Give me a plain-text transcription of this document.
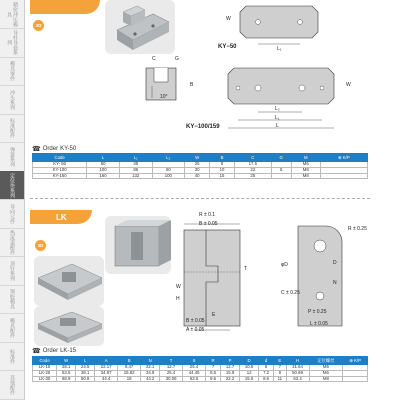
精密冲压模具
导柱导套系列
模具零件
冲头系列
标准配件
弹簧系列
定位块系列
导向元件
热流道配件
顶针系列
塑胶模具
模具配件
标准件
其他配件
3D
W
L₁
KY−50
C	G
B
10°
W
L₂
L₁
L
KY−100/159
☎ Order KY-50
Code	L	L₁	L₂	W	B	C	G	M	⊕ K/P
KY- 50	50	38		25	8	17.5		M6	
KY-100	100	86	60	30	10	22	5	M8	
KY-150	160	132	100	40	15	25		M8	
LK
3D
R ± 0.1
B ± 0.05
T
W
H
E
B ± 0.05
A ± 0.05
R ± 0.25
φD
C ± 0.25
D
N
P ± 0.25
L ± 0.05
☎ Order LK-15
Code	W	L	A	B	N	T	S	R	P	D	d	E	H	定位螺丝	⊕ K/P
LK-15	38.1	24.5	22.17	8.47	22.1	12.7	25.4	7	12.7	10.5	6	7	31.64	M5	
LK-25	63.5	38.1	34.87	15.82	34.9	25.4	44.45	8.5	15.9	12	7.2	9	50.69	M6	
LK-30	88.9	50.8	44.4	19	44.2	30.08	63.5	9.6	22.2	15.5	8.6	11	63.4	M8	
